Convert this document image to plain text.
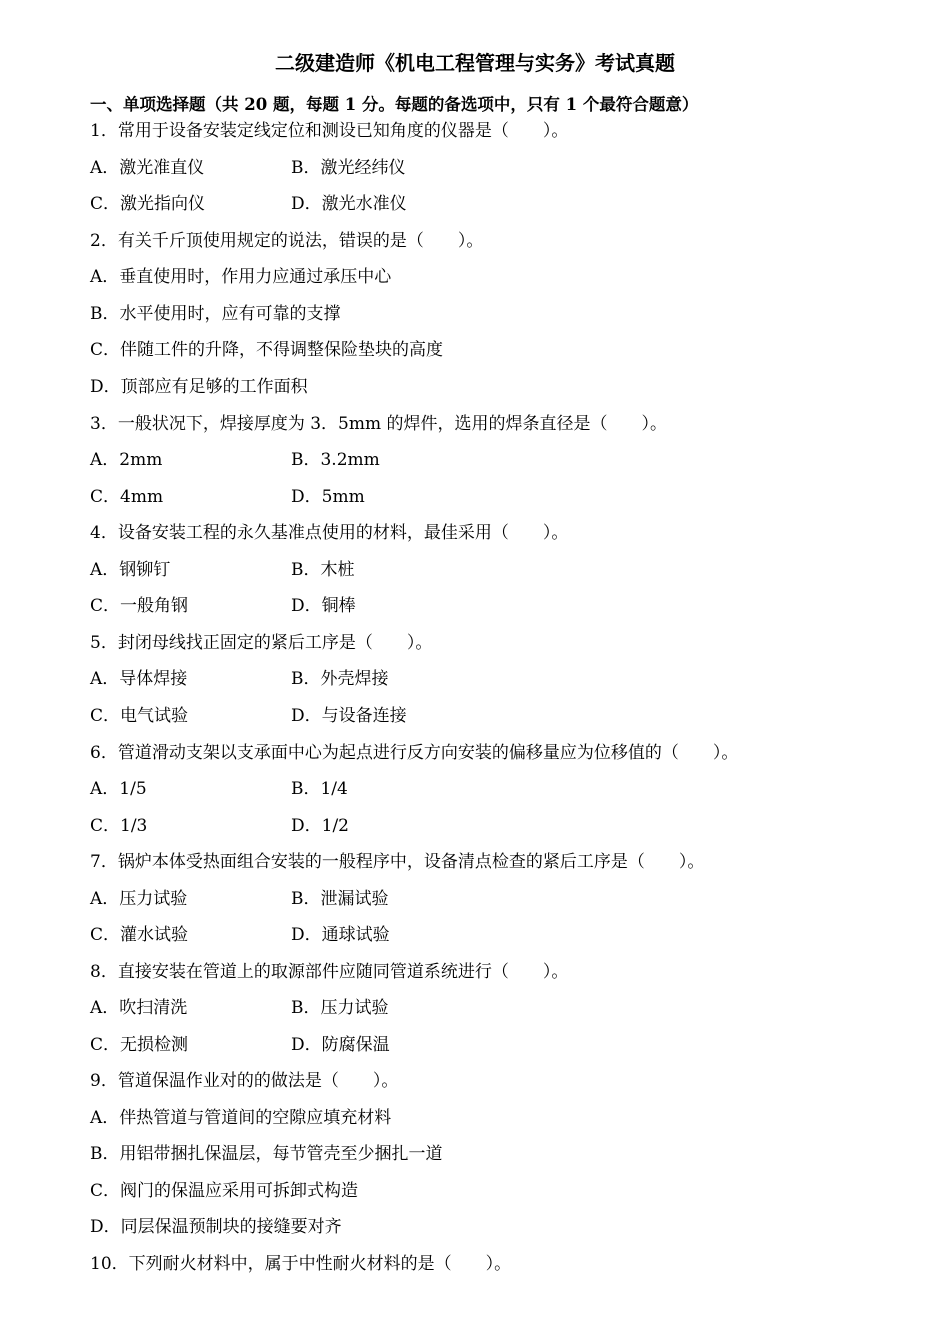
二级建造师《机电工程管理与实务》考试真题
一、单项选择题（共 20 题，每题 1 分。每题的备选项中，只有 1 个最符合题意）
1．常用于设备安装定线定位和测设已知角度的仪器是（　　）。
A．激光准直仪	B．激光经纬仪
C．激光指向仪	D．激光水准仪
2．有关千斤顶使用规定的说法，错误的是（　　）。
A．垂直使用时，作用力应通过承压中心
B．水平使用时，应有可靠的支撑
C．伴随工件的升降，不得调整保险垫块的高度
D．顶部应有足够的工作面积
3．一般状况下，焊接厚度为 3．5mm 的焊件，选用的焊条直径是（　　）。
A．2mm	B．3.2mm
C．4mm	D．5mm
4．设备安装工程的永久基准点使用的材料，最佳采用（　　）。
A．钢铆钉	B．木桩
C．一般角钢	D．铜棒
5．封闭母线找正固定的紧后工序是（　　）。
A．导体焊接	B．外壳焊接
C．电气试验	D．与设备连接
6．管道滑动支架以支承面中心为起点进行反方向安装的偏移量应为位移值的（　　）。
A．1/5	B．1/4
C．1/3	D．1/2
7．锅炉本体受热面组合安装的一般程序中，设备清点检查的紧后工序是（　　）。
A．压力试验	B．泄漏试验
C．灌水试验	D．通球试验
8．直接安装在管道上的取源部件应随同管道系统进行（　　）。
A．吹扫清洗	B．压力试验
C．无损检测	D．防腐保温
9．管道保温作业对的的做法是（　　）。
A．伴热管道与管道间的空隙应填充材料
B．用铝带捆扎保温层，每节管壳至少捆扎一道
C．阀门的保温应采用可拆卸式构造
D．同层保温预制块的接缝要对齐
10．下列耐火材料中，属于中性耐火材料的是（　　）。
